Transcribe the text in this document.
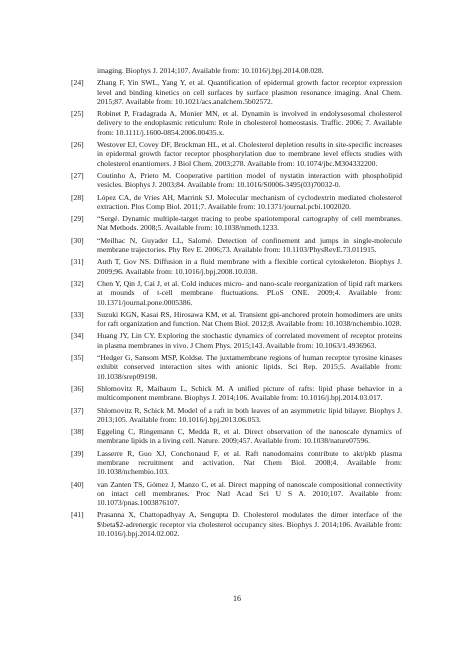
imaging. Biophys J. 2014;107. Available from: 10.1016/j.bpj.2014.08.028.
[24]	Zhang F, Yin SWL, Yang Y, et al. Quantification of epidermal growth factor receptor expression level and binding kinetics on cell surfaces by surface plasmon resonance imaging. Anal Chem. 2015;87. Available from: 10.1021/acs.analchem.5b02572.
[25]	Robinet P, Fradagrada A, Monier MN, et al. Dynamin is involved in endolysosomal cholesterol delivery to the endoplasmic reticulum: Role in cholesterol homeostasis. Traffic. 2006; 7. Available from: 10.1111/j.1600-0854.2006.00435.x.
[26]	Westover EJ, Covey DF, Brockman HL, et al. Cholesterol depletion results in site-specific increases in epidermal growth factor receptor phosphorylation due to membrane level effects studies with cholesterol enantiomers. J Biol Chem. 2003;278. Available from: 10.1074/jbc.M304332200.
[27]	Coutinho A, Prieto M. Cooperative partition model of nystatin interaction with phospholipid vesicles. Biophys J. 2003;84. Available from: 10.1016/S0006-3495(03)70032-0.
[28]	López CA, de Vries AH, Marrink SJ. Molecular mechanism of cyclodextrin mediated cholesterol extraction. Plos Comp Biol. 2011;7. Available from: 10.1371/journal.pcbi.1002020.
[29]	“Sergé. Dynamic multiple-target tracing to probe spatiotemporal cartography of cell membranes. Nat Methods. 2008;5. Available from: 10.1038/nmeth.1233.
[30]	“Meilhac N, Guyader LL, Salomé. Detection of confinement and jumps in single-molecule membrane trajectories. Phy Rev E. 2006;73. Available from: 10.1103/PhysRevE.73.011915.
[31]	Auth T, Gov NS. Diffusion in a fluid membrane with a flexible cortical cytoskeleton. Biophys J. 2009;96. Available from: 10.1016/j.bpj.2008.10.038.
[32]	Chen Y, Qin J, Cai J, et al. Cold induces micro- and nano-scale reorganization of lipid raft markers at mounds of t-cell membrane fluctuations. PLoS ONE. 2009;4. Available from: 10.1371/journal.pone.0005386.
[33]	Suzuki KGN, Kasai RS, Hirosawa KM, et al. Transient gpi-anchored protein homodimers are units for raft organization and function. Nat Chem Biol. 2012;8. Available from: 10.1038/nchembio.1028.
[34]	Huang JY, Lin CY. Exploring the stochastic dynamics of correlated movement of receptor proteins in plasma membranes in vivo. J Chem Phys. 2015;143. Available from: 10.1063/1.4936963.
[35]	“Hedger G, Sansom MSP, Koldsø. The juxtamembrane regions of human receptor tyrosine kinases exhibit conserved interaction sites with anionic lipids. Sci Rep. 2015;5. Available from: 10.1038/srep09198.
[36]	Shlomovitz R, Maibaum L, Schick M. A unified picture of rafts: lipid phase behavior in a multicomponent membrane. Biophys J. 2014;106. Available from: 10.1016/j.bpj.2014.03.017.
[37]	Shlomovitz R, Schick M. Model of a raft in both leaves of an asymmetric lipid bilayer. Biophys J. 2013;105. Available from: 10.1016/j.bpj.2013.06.053.
[38]	Eggeling C, Ringemann C, Medda R, et al. Direct observation of the nanoscale dynamics of membrane lipids in a living cell. Nature. 2009;457. Available from: 10.1038/nature07596.
[39]	Lasserre R, Guo XJ, Conchonaud F, et al. Raft nanodomains contribute to akt/pkb plasma membrane recruitment and activation. Nat Chem Biol. 2008;4. Available from: 10.1038/nchembio.103.
[40]	van Zanten TS, Gómez J, Manzo C, et al. Direct mapping of nanoscale compositional connectivity on intact cell membranes. Proc Natl Acad Sci U S A. 2010;107. Available from: 10.1073/pnas.1003876107.
[41]	Prasanna X, Chattopadhyay A, Sengupta D. Cholesterol modulates the dimer interface of the $\beta$2-adrenergic receptor via cholesterol occupancy sites. Biophys J. 2014;106. Available from: 10.1016/j.bpj.2014.02.002.
16
